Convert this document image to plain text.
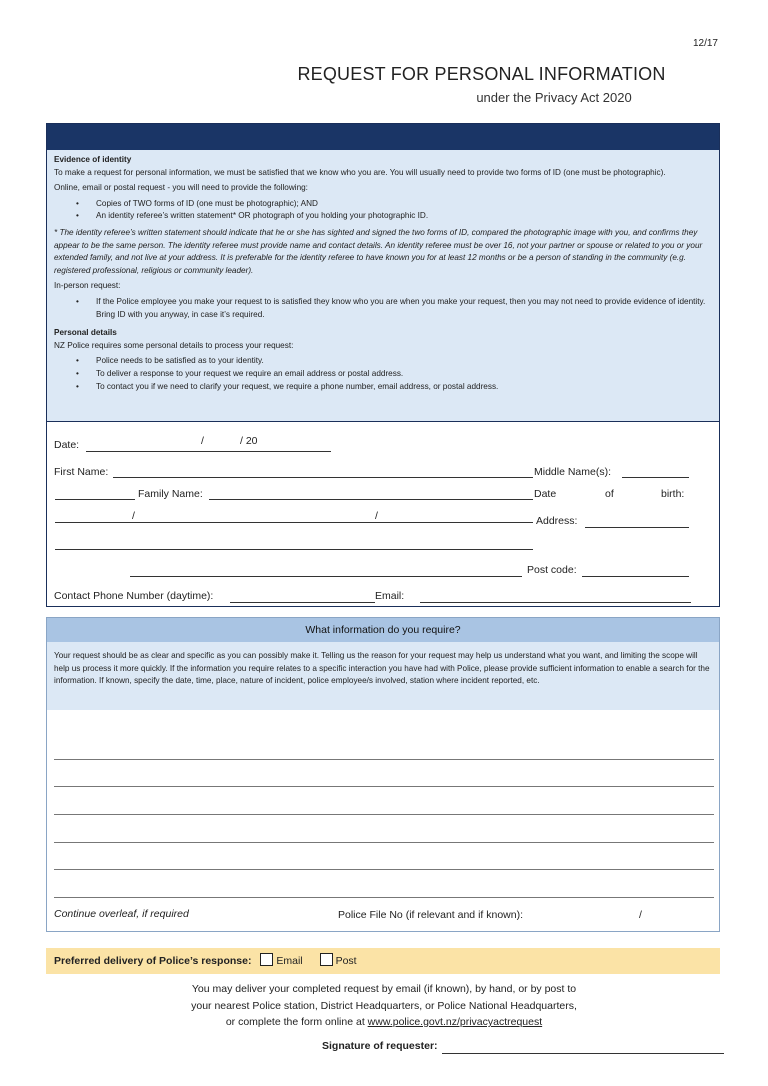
12/17
REQUEST FOR PERSONAL INFORMATION
under the Privacy Act 2020

Evidence of identity

To make a request for personal information, we must be satisfied that we know who you are. You will usually need to provide two forms of ID (one must be photographic).

Online, email or postal request - you will need to provide the following:

• Copies of TWO forms of ID (one must be photographic); AND
• An identity referee’s written statement* OR photograph of you holding your photographic ID.

* The identity referee’s written statement should indicate that he or she has sighted and signed the two forms of ID, compared the photographic image with you, and confirms they appear to be the same person. The identity referee must provide name and contact details. An identity referee must be over 16, not your partner or spouse or related to you or your extended family, and not live at your address. It is preferable for the identity referee to have known you for at least 12 months or be a person of standing in the community (e.g. registered professional, religious or community leader).

In-person request:

• If the Police employee you make your request to is satisfied they know who you are when you make your request, then you may not need to provide evidence of identity. Bring ID with you anyway, in case it’s required.

Personal details

NZ Police requires some personal details to process your request:

• Police needs to be satisfied as to your identity.
• To deliver a response to your request we require an email address or postal address.
• To contact you if we need to clarify your request, we require a phone number, email address, or postal address.
Date:	/	/ 20
First Name:	Middle Name(s):
Family Name:	Date	of	birth:
/	/	Address:
Post code:
Contact Phone Number (daytime):	Email:
What information do you require?
Your request should be as clear and specific as you can possibly make it. Telling us the reason for your request may help us understand what you want, and limiting the scope will help us process it more quickly. If the information you require relates to a specific interaction you have had with Police, please provide sufficient information to enable a search for the information. If known, specify the date, time, place, nature of incident, police employee/s involved, station where incident reported, etc.
Continue overleaf, if required	Police File No (if relevant and if known):	/
Preferred delivery of Police’s response: Email	Post
You may deliver your completed request by email (if known), by hand, or by post to
your nearest Police station, District Headquarters, or Police National Headquarters,
or complete the form online at www.police.govt.nz/privacyactrequest
Signature of requester:
